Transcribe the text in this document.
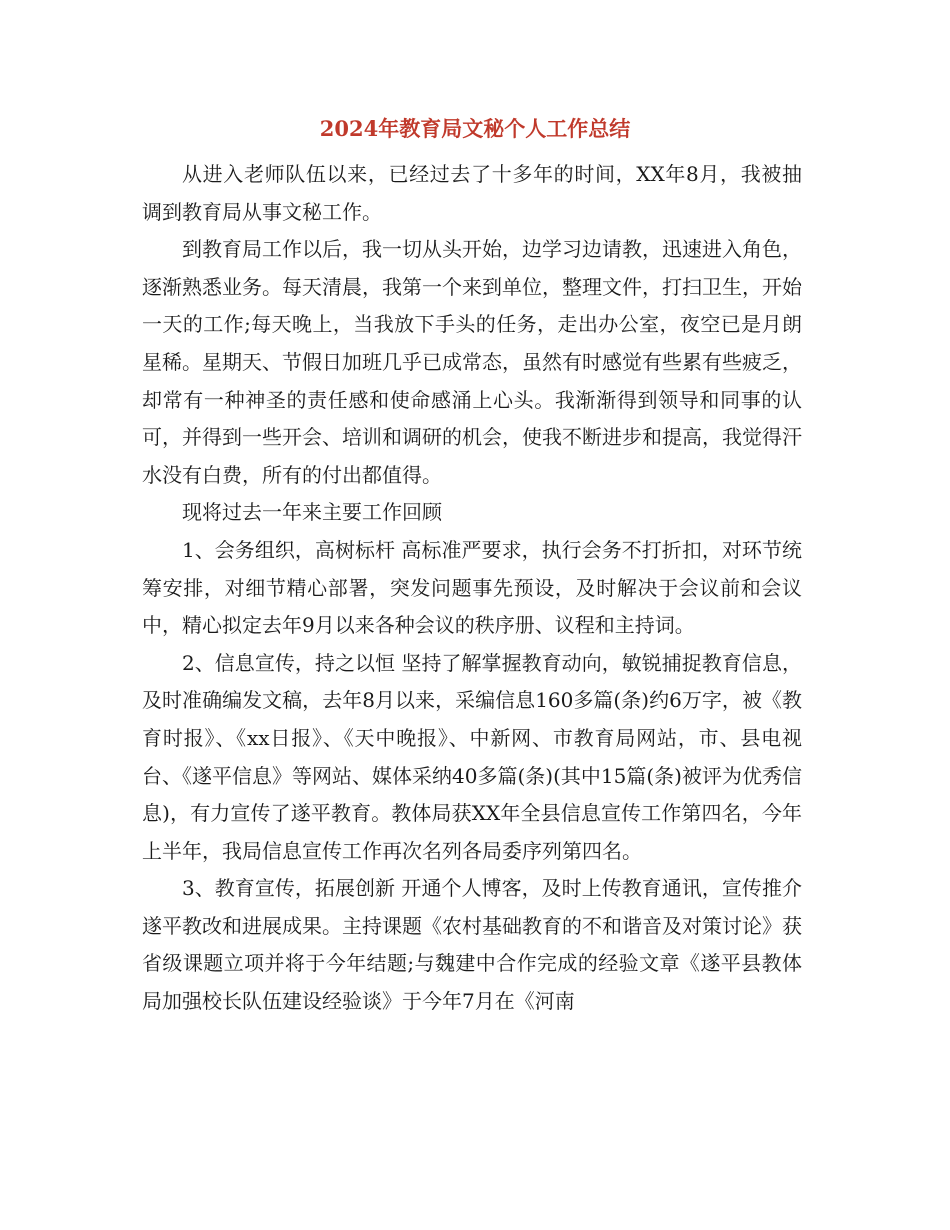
2024年教育局文秘个人工作总结

从进入老师队伍以来，已经过去了十多年的时间，XX年8月，我被抽调到教育局从事文秘工作。

到教育局工作以后，我一切从头开始，边学习边请教，迅速进入角色，逐渐熟悉业务。每天清晨，我第一个来到单位，整理文件，打扫卫生，开始一天的工作;每天晚上，当我放下手头的任务，走出办公室，夜空已是月朗星稀。星期天、节假日加班几乎已成常态，虽然有时感觉有些累有些疲乏，却常有一种神圣的责任感和使命感涌上心头。我渐渐得到领导和同事的认可，并得到一些开会、培训和调研的机会，使我不断进步和提高，我觉得汗水没有白费，所有的付出都值得。

现将过去一年来主要工作回顾

1、会务组织，高树标杆 高标准严要求，执行会务不打折扣，对环节统筹安排，对细节精心部署，突发问题事先预设，及时解决于会议前和会议中，精心拟定去年9月以来各种会议的秩序册、议程和主持词。

2、信息宣传，持之以恒 坚持了解掌握教育动向，敏锐捕捉教育信息，及时准确编发文稿，去年8月以来，采编信息160多篇(条)约6万字，被《教育时报》、《xx日报》、《天中晚报》、中新网、市教育局网站，市、县电视台、《遂平信息》等网站、媒体采纳40多篇(条)(其中15篇(条)被评为优秀信息)，有力宣传了遂平教育。教体局获XX年全县信息宣传工作第四名，今年上半年，我局信息宣传工作再次名列各局委序列第四名。

3、教育宣传，拓展创新 开通个人博客，及时上传教育通讯，宣传推介遂平教改和进展成果。主持课题《农村基础教育的不和谐音及对策讨论》获省级课题立项并将于今年结题;与魏建中合作完成的经验文章《遂平县教体局加强校长队伍建设经验谈》于今年7月在《河南
